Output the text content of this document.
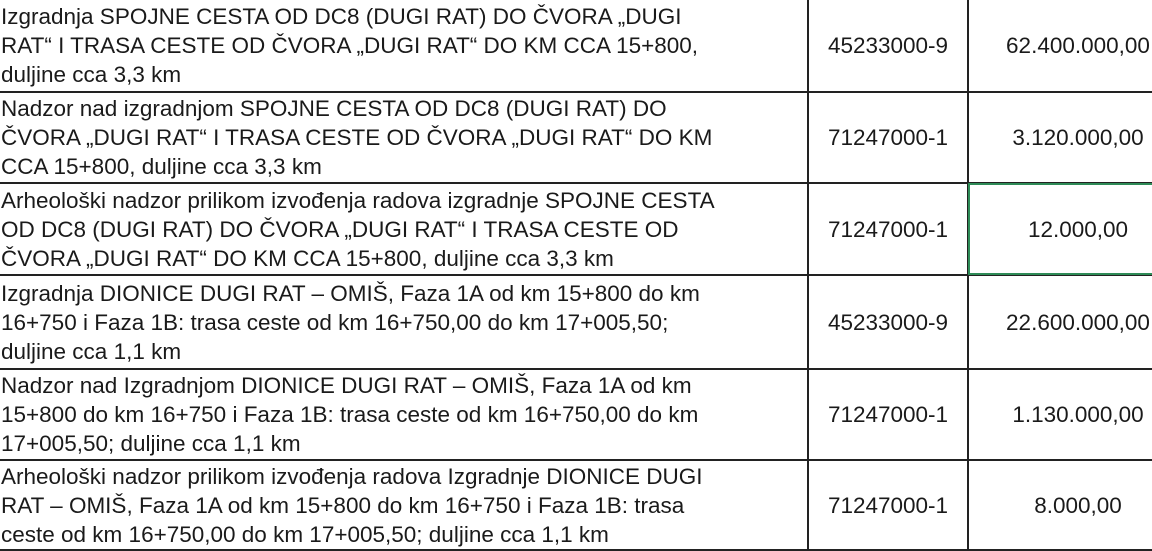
Izgradnja SPOJNE CESTA OD DC8 (DUGI RAT) DO ČVORA „DUGI
RAT“ I TRASA CESTE OD ČVORA „DUGI RAT“ DO KM CCA 15+800,
duljine cca 3,3 km	45233000-9	62.400.000,00

Nadzor nad izgradnjom SPOJNE CESTA OD DC8 (DUGI RAT) DO
ČVORA „DUGI RAT“ I TRASA CESTE OD ČVORA „DUGI RAT“ DO KM
CCA 15+800, duljine cca 3,3 km	71247000-1	3.120.000,00

Arheološki nadzor prilikom izvođenja radova izgradnje SPOJNE CESTA
OD DC8 (DUGI RAT) DO ČVORA „DUGI RAT“ I TRASA CESTE OD
ČVORA „DUGI RAT“ DO KM CCA 15+800, duljine cca 3,3 km	71247000-1	12.000,00

Izgradnja DIONICE DUGI RAT – OMIŠ, Faza 1A od km 15+800 do km
16+750 i Faza 1B: trasa ceste od km 16+750,00 do km 17+005,50;
duljine cca 1,1 km	45233000-9	22.600.000,00

Nadzor nad Izgradnjom DIONICE DUGI RAT – OMIŠ, Faza 1A od km
15+800 do km 16+750 i Faza 1B: trasa ceste od km 16+750,00 do km
17+005,50; duljine cca 1,1 km	71247000-1	1.130.000,00

Arheološki nadzor prilikom izvođenja radova Izgradnje DIONICE DUGI
RAT – OMIŠ, Faza 1A od km 15+800 do km 16+750 i Faza 1B: trasa
ceste od km 16+750,00 do km 17+005,50; duljine cca 1,1 km	71247000-1	8.000,00
